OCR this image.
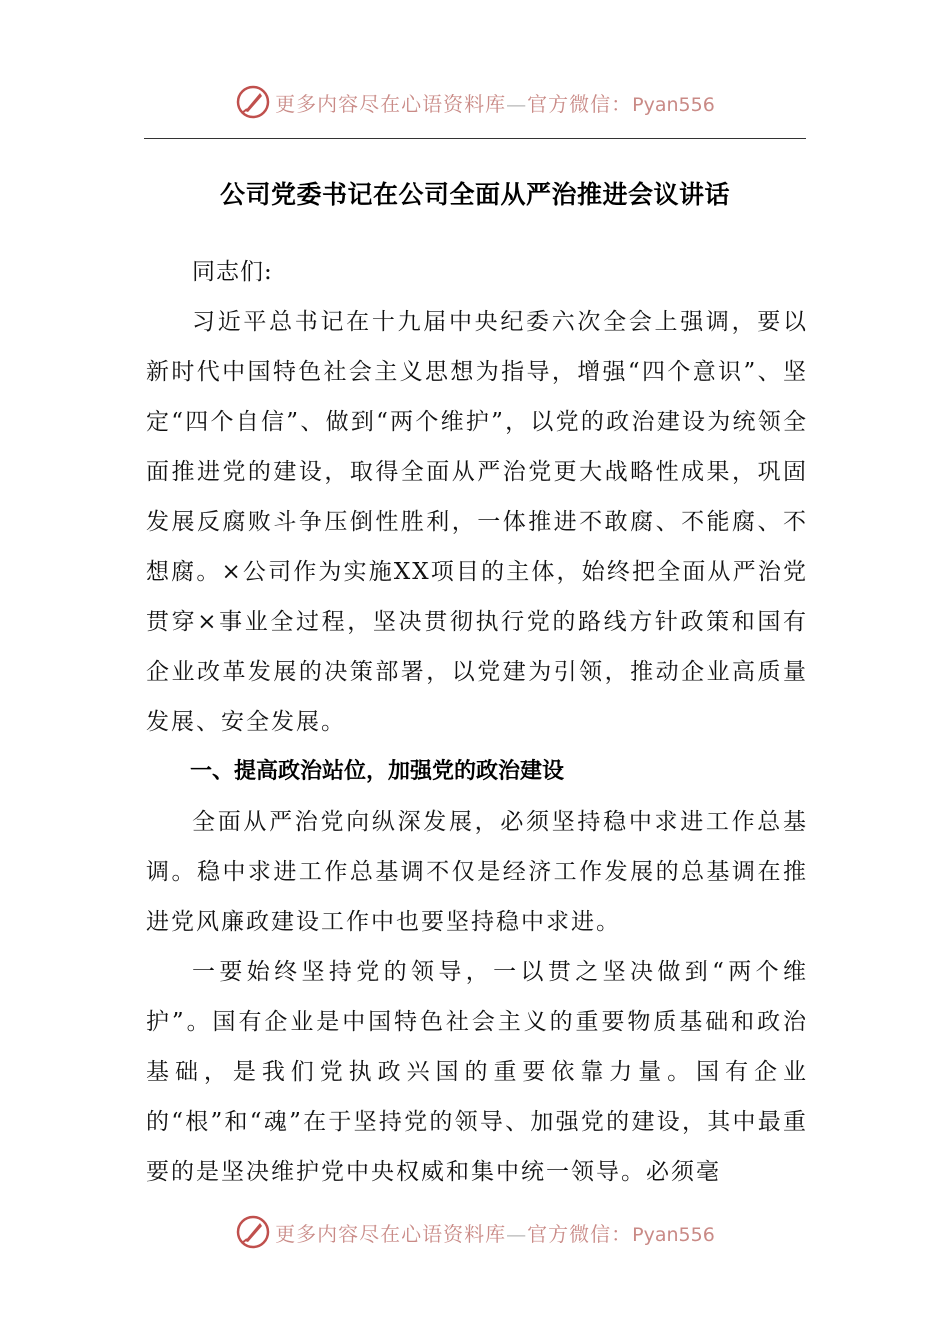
更多内容尽在心语资料库—官方微信：Pyan556
公司党委书记在公司全面从严治推进会议讲话

同志们:

习近平总书记在十九届中央纪委六次全会上强调，要以新时代中国特色社会主义思想为指导，增强“四个意识”、坚定“四个自信”、做到“两个维护”，以党的政治建设为统领全面推进党的建设，取得全面从严治党更大战略性成果，巩固发展反腐败斗争压倒性胜利，一体推进不敢腐、不能腐、不想腐。×公司作为实施XX项目的主体，始终把全面从严治党贯穿×事业全过程，坚决贯彻执行党的路线方针政策和国有企业改革发展的决策部署，以党建为引领，推动企业高质量发展、安全发展。

一、提高政治站位，加强党的政治建设

全面从严治党向纵深发展，必须坚持稳中求进工作总基调。稳中求进工作总基调不仅是经济工作发展的总基调在推进党风廉政建设工作中也要坚持稳中求进。

一要始终坚持党的领导，一以贯之坚决做到“两个维护”。国有企业是中国特色社会主义的重要物质基础和政治基础，是我们党执政兴国的重要依靠力量。国有企业的“根”和“魂”在于坚持党的领导、加强党的建设，其中最重要的是坚决维护党中央权威和集中统一领导。必须毫

更多内容尽在心语资料库—官方微信：Pyan556
